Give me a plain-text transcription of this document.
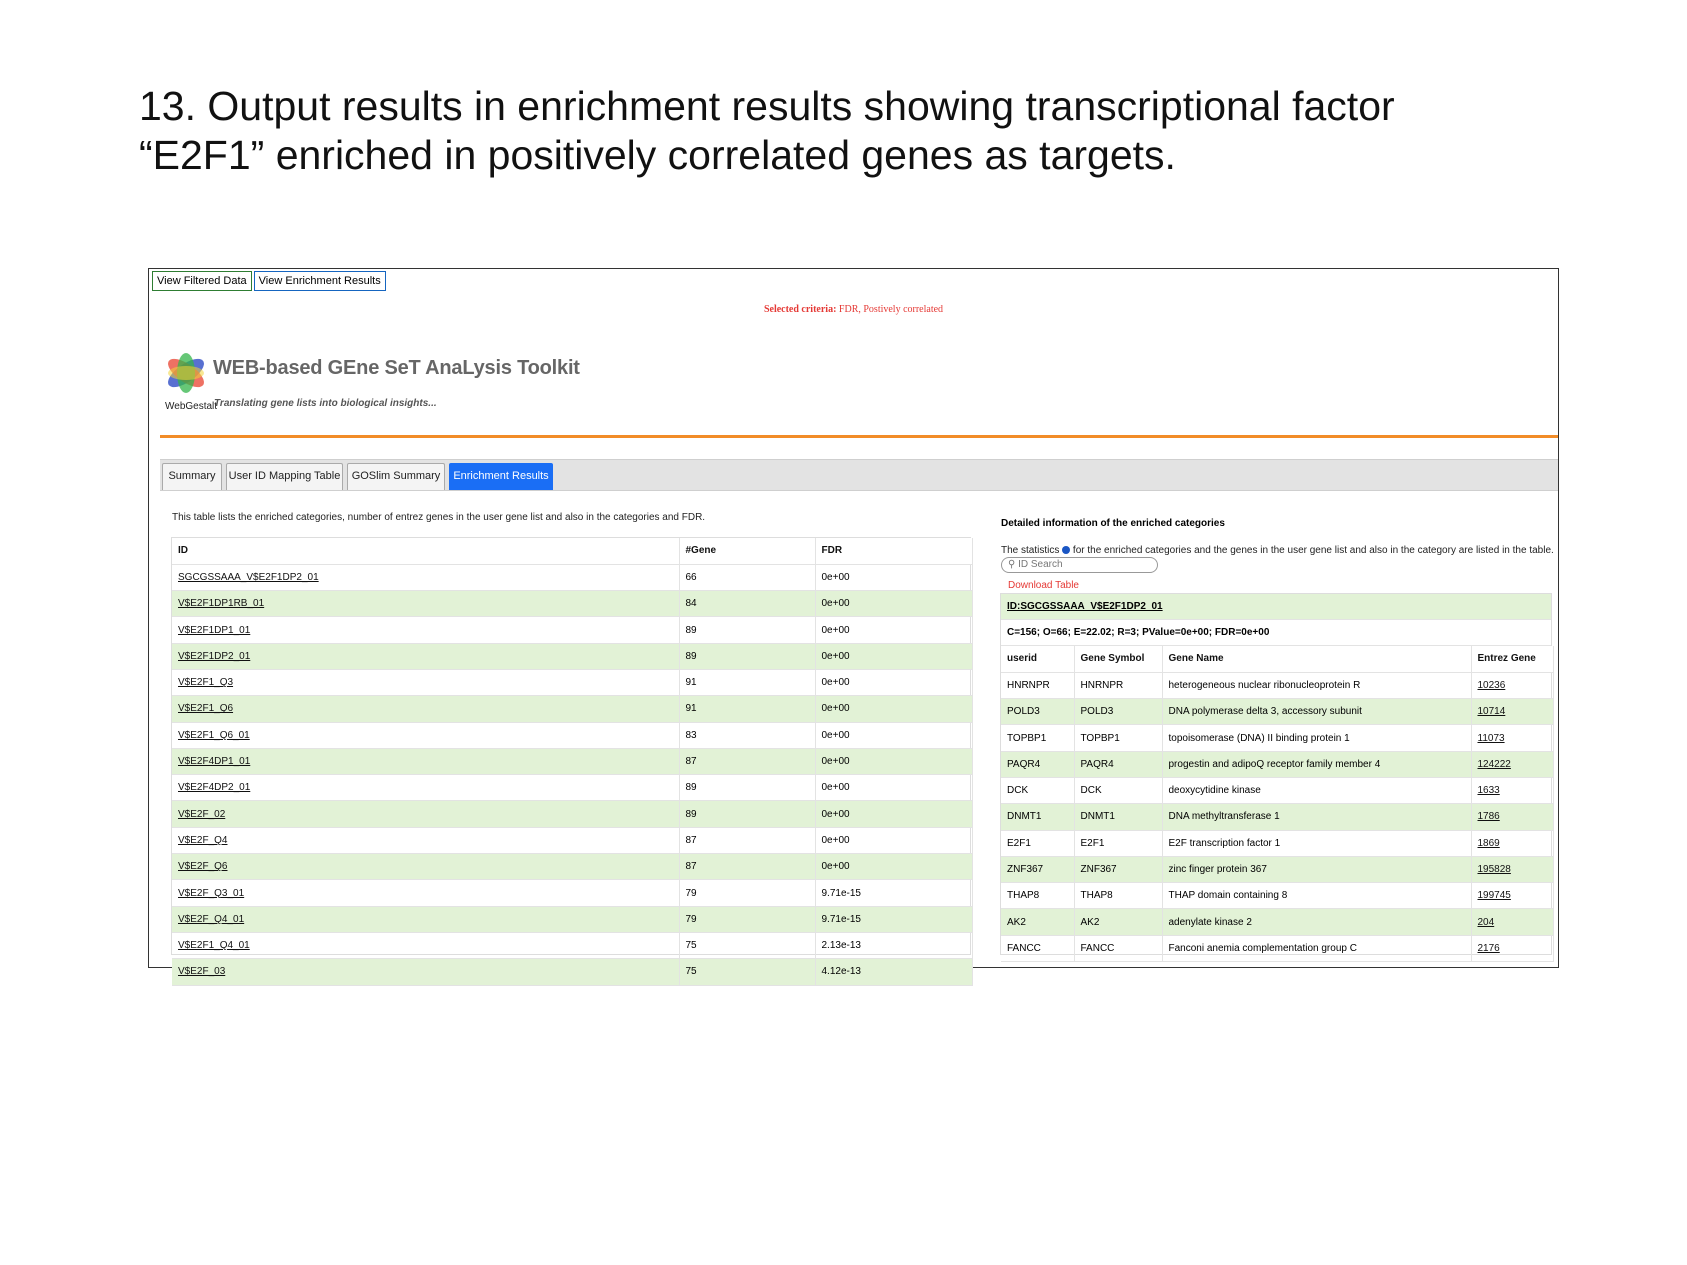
13. Output results in enrichment results showing transcriptional factor
“E2F1” enriched in positively correlated genes as targets.
View Filtered Data	View Enrichment Results
Selected criteria: FDR, Postively correlated
WEB-based GEne SeT AnaLysis Toolkit
WebGestalt
Translating gene lists into biological insights...
Summary	User ID Mapping Table	GOSlim Summary	Enrichment Results
This table lists the enriched categories, number of entrez genes in the user gene list and also in the categories and FDR.
ID	#Gene	FDR
SGCGSSAAA_V$E2F1DP2_01	66	0e+00
V$E2F1DP1RB_01	84	0e+00
V$E2F1DP1_01	89	0e+00
V$E2F1DP2_01	89	0e+00
V$E2F1_Q3	91	0e+00
V$E2F1_Q6	91	0e+00
V$E2F1_Q6_01	83	0e+00
V$E2F4DP1_01	87	0e+00
V$E2F4DP2_01	89	0e+00
V$E2F_02	89	0e+00
V$E2F_Q4	87	0e+00
V$E2F_Q6	87	0e+00
V$E2F_Q3_01	79	9.71e-15
V$E2F_Q4_01	79	9.71e-15
V$E2F1_Q4_01	75	2.13e-13
V$E2F_03	75	4.12e-13
Detailed information of the enriched categories
The statistics  for the enriched categories and the genes in the user gene list and also in the category are listed in the table.
⚲ ID Search
Download Table
ID:SGCGSSAAA_V$E2F1DP2_01
C=156; O=66; E=22.02; R=3; PValue=0e+00; FDR=0e+00
userid	Gene Symbol	Gene Name	Entrez Gene
HNRNPR	HNRNPR	heterogeneous nuclear ribonucleoprotein R	10236
POLD3	POLD3	DNA polymerase delta 3, accessory subunit	10714
TOPBP1	TOPBP1	topoisomerase (DNA) II binding protein 1	11073
PAQR4	PAQR4	progestin and adipoQ receptor family member 4	124222
DCK	DCK	deoxycytidine kinase	1633
DNMT1	DNMT1	DNA methyltransferase 1	1786
E2F1	E2F1	E2F transcription factor 1	1869
ZNF367	ZNF367	zinc finger protein 367	195828
THAP8	THAP8	THAP domain containing 8	199745
AK2	AK2	adenylate kinase 2	204
FANCC	FANCC	Fanconi anemia complementation group C	2176
